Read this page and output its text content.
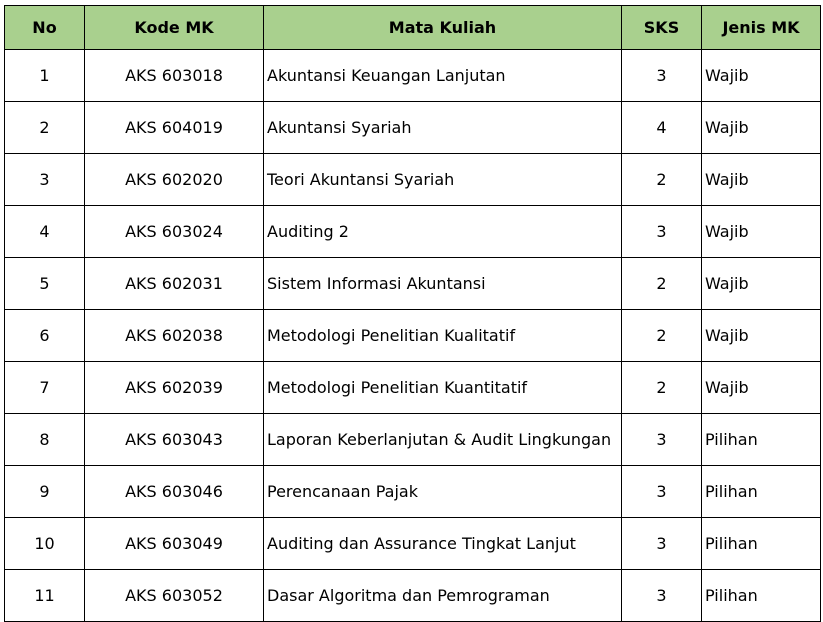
No	Kode MK	Mata Kuliah	SKS	Jenis MK
1	AKS 603018	Akuntansi Keuangan Lanjutan	3	Wajib
2	AKS 604019	Akuntansi Syariah	4	Wajib
3	AKS 602020	Teori Akuntansi Syariah	2	Wajib
4	AKS 603024	Auditing 2	3	Wajib
5	AKS 602031	Sistem Informasi Akuntansi	2	Wajib
6	AKS 602038	Metodologi Penelitian Kualitatif	2	Wajib
7	AKS 602039	Metodologi Penelitian Kuantitatif	2	Wajib
8	AKS 603043	Laporan Keberlanjutan & Audit Lingkungan	3	Pilihan
9	AKS 603046	Perencanaan Pajak	3	Pilihan
10	AKS 603049	Auditing dan Assurance Tingkat Lanjut	3	Pilihan
11	AKS 603052	Dasar Algoritma dan Pemrograman	3	Pilihan
